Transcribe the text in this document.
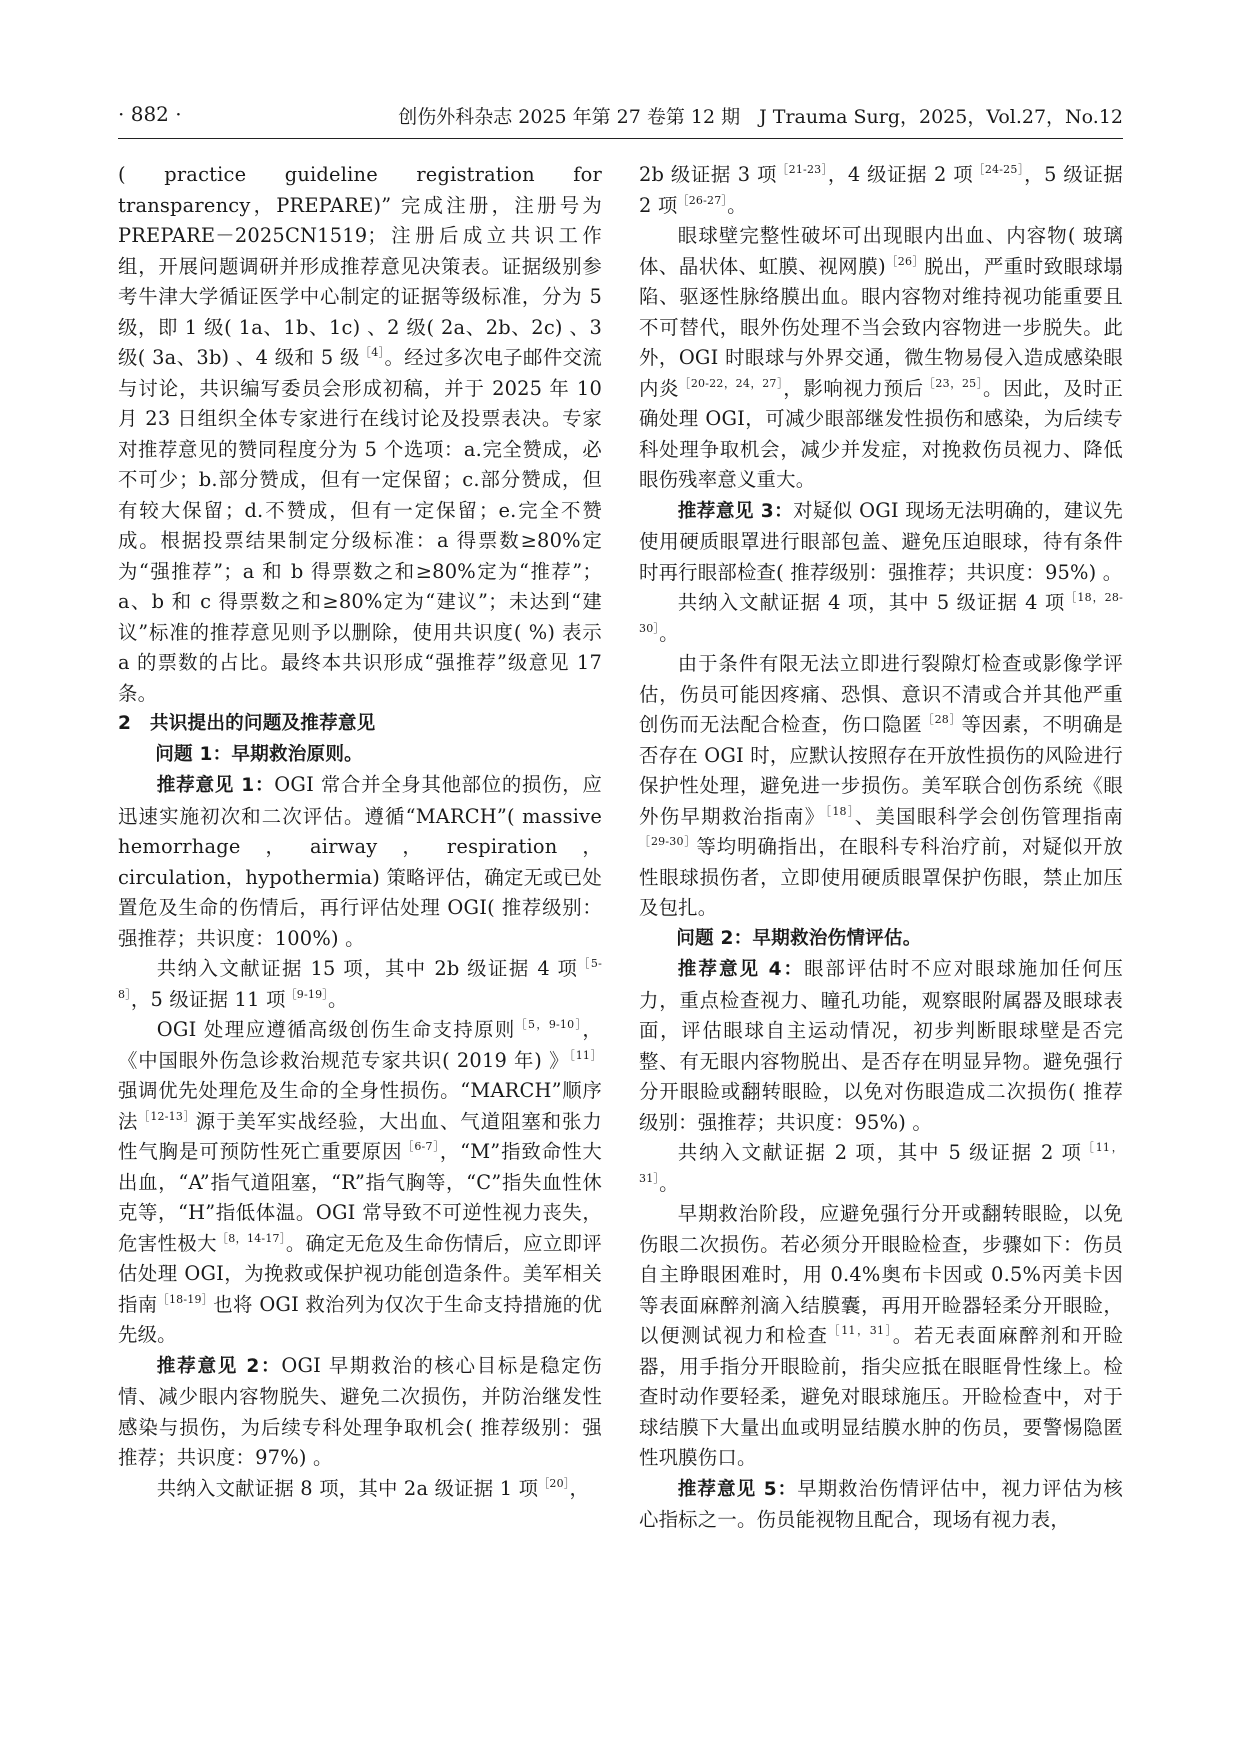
· 882 ·	创伤外科杂志 2025 年第 27 卷第 12 期　J Trauma Surg，2025，Vol.27，No.12

( practice guideline registration for transparency，PREPARE)” 完成注册，注册号为 PREPARE－2025CN1519；注册后成立共识工作组，开展问题调研并形成推荐意见决策表。证据级别参考牛津大学循证医学中心制定的证据等级标准，分为 5 级，即 1 级( 1a、1b、1c) 、2 级( 2a、2b、2c) 、3 级( 3a、3b) 、4 级和 5 级$^{[4]}$。经过多次电子邮件交流与讨论，共识编写委员会形成初稿，并于 2025 年 10 月 23 日组织全体专家进行在线讨论及投票表决。专家对推荐意见的赞同程度分为 5 个选项：a.完全赞成，必不可少；b.部分赞成，但有一定保留；c.部分赞成，但有较大保留；d.不赞成，但有一定保留；e.完全不赞成。根据投票结果制定分级标准：a 得票数≥80%定为“强推荐”；a 和 b 得票数之和≥80%定为“推荐”；a、b 和 c 得票数之和≥80%定为“建议”；未达到“建议”标准的推荐意见则予以删除，使用共识度( %) 表示 a 的票数的占比。最终本共识形成“强推荐”级意见 17 条。

2　共识提出的问题及推荐意见

问题 1：早期救治原则。

推荐意见 1：OGI 常合并全身其他部位的损伤，应迅速实施初次和二次评估。遵循“MARCH”( massive hemorrhage，airway，respiration，circulation，hypothermia) 策略评估，确定无或已处置危及生命的伤情后，再行评估处理 OGI( 推荐级别：强推荐；共识度：100%) 。

共纳入文献证据 15 项，其中 2b 级证据 4 项$^{[5-8]}$，5 级证据 11 项$^{[9-19]}$。

OGI 处理应遵循高级创伤生命支持原则$^{[5,9-10]}$，《中国眼外伤急诊救治规范专家共识( 2019 年) 》$^{[11]}$强调优先处理危及生命的全身性损伤。“MARCH”顺序法$^{[12-13]}$源于美军实战经验，大出血、气道阻塞和张力性气胸是可预防性死亡重要原因$^{[6-7]}$，“M”指致命性大出血，“A”指气道阻塞，“R”指气胸等，“C”指失血性休克等，“H”指低体温。OGI 常导致不可逆性视力丧失，危害性极大$^{[8,14-17]}$。确定无危及生命伤情后，应立即评估处理 OGI，为挽救或保护视功能创造条件。美军相关指南$^{[18-19]}$也将 OGI 救治列为仅次于生命支持措施的优先级。

推荐意见 2：OGI 早期救治的核心目标是稳定伤情、减少眼内容物脱失、避免二次损伤，并防治继发性感染与损伤，为后续专科处理争取机会( 推荐级别：强推荐；共识度：97%) 。

共纳入文献证据 8 项，其中 2a 级证据 1 项$^{[20]}$，

2b 级证据 3 项$^{[21-23]}$，4 级证据 2 项$^{[24-25]}$，5 级证据 2 项$^{[26-27]}$。

眼球壁完整性破坏可出现眼内出血、内容物( 玻璃体、晶状体、虹膜、视网膜)$^{[26]}$脱出，严重时致眼球塌陷、驱逐性脉络膜出血。眼内容物对维持视功能重要且不可替代，眼外伤处理不当会致内容物进一步脱失。此外，OGI 时眼球与外界交通，微生物易侵入造成感染眼内炎$^{[20-22,24,27]}$，影响视力预后$^{[23,25]}$。因此，及时正确处理 OGI，可减少眼部继发性损伤和感染，为后续专科处理争取机会，减少并发症，对挽救伤员视力、降低眼伤残率意义重大。

推荐意见 3：对疑似 OGI 现场无法明确的，建议先使用硬质眼罩进行眼部包盖、避免压迫眼球，待有条件时再行眼部检查( 推荐级别：强推荐；共识度：95%) 。

共纳入文献证据 4 项，其中 5 级证据 4 项$^{[18,28-30]}$。

由于条件有限无法立即进行裂隙灯检查或影像学评估，伤员可能因疼痛、恐惧、意识不清或合并其他严重创伤而无法配合检查，伤口隐匿$^{[28]}$等因素，不明确是否存在 OGI 时，应默认按照存在开放性损伤的风险进行保护性处理，避免进一步损伤。美军联合创伤系统《眼外伤早期救治指南》$^{[18]}$、美国眼科学会创伤管理指南$^{[29-30]}$等均明确指出，在眼科专科治疗前，对疑似开放性眼球损伤者，立即使用硬质眼罩保护伤眼，禁止加压及包扎。

问题 2：早期救治伤情评估。

推荐意见 4：眼部评估时不应对眼球施加任何压力，重点检查视力、瞳孔功能，观察眼附属器及眼球表面，评估眼球自主运动情况，初步判断眼球壁是否完整、有无眼内容物脱出、是否存在明显异物。避免强行分开眼睑或翻转眼睑，以免对伤眼造成二次损伤( 推荐级别：强推荐；共识度：95%) 。

共纳入文献证据 2 项，其中 5 级证据 2 项$^{[11,31]}$。

早期救治阶段，应避免强行分开或翻转眼睑，以免伤眼二次损伤。若必须分开眼睑检查，步骤如下：伤员自主睁眼困难时，用 0.4%奥布卡因或 0.5%丙美卡因等表面麻醉剂滴入结膜囊，再用开睑器轻柔分开眼睑，以便测试视力和检查$^{[11,31]}$。若无表面麻醉剂和开睑器，用手指分开眼睑前，指尖应抵在眼眶骨性缘上。检查时动作要轻柔，避免对眼球施压。开睑检查中，对于球结膜下大量出血或明显结膜水肿的伤员，要警惕隐匿性巩膜伤口。

推荐意见 5：早期救治伤情评估中，视力评估为核心指标之一。伤员能视物且配合，现场有视力表，
